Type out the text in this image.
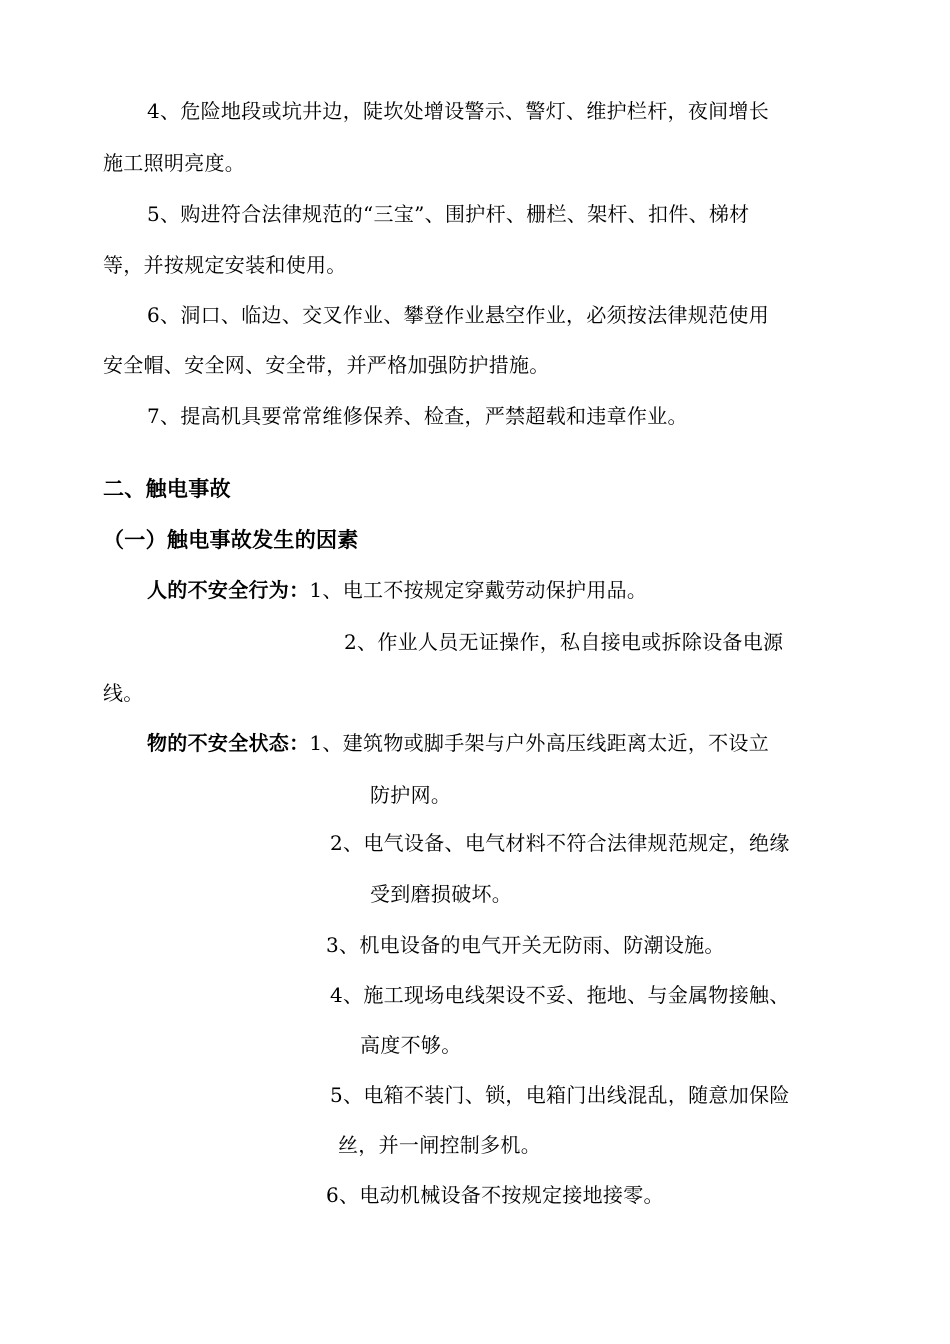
4、危险地段或坑井边，陡坎处增设警示、警灯、维护栏杆，夜间增长
施工照明亮度。
5、购进符合法律规范的“三宝”、围护杆、栅栏、架杆、扣件、梯材
等，并按规定安装和使用。
6、洞口、临边、交叉作业、攀登作业悬空作业，必须按法律规范使用
安全帽、安全网、安全带，并严格加强防护措施。
7、提高机具要常常维修保养、检查，严禁超载和违章作业。
二、触电事故
（一）触电事故发生的因素
人的不安全行为：1、电工不按规定穿戴劳动保护用品。
2、作业人员无证操作，私自接电或拆除设备电源
线。
物的不安全状态：1、建筑物或脚手架与户外高压线距离太近，不设立
防护网。
2、电气设备、电气材料不符合法律规范规定，绝缘
受到磨损破坏。
3、机电设备的电气开关无防雨、防潮设施。
4、施工现场电线架设不妥、拖地、与金属物接触、
高度不够。
5、电箱不装门、锁，电箱门出线混乱，随意加保险
丝，并一闸控制多机。
6、电动机械设备不按规定接地接零。
